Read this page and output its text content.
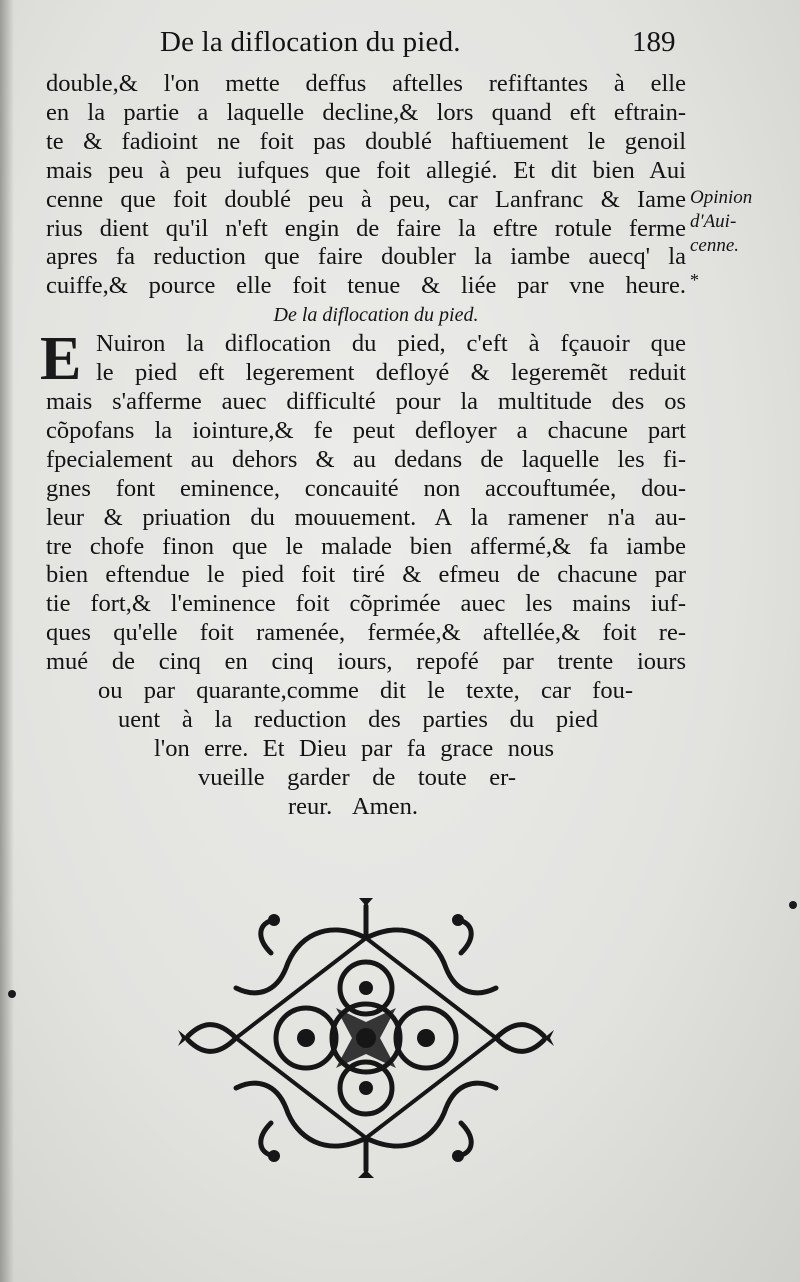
De la diflocation du pied.	189
double,& l'on mette deffus aftelles refiftantes à elle
en la partie a laquelle decline,& lors quand eft eftrain-
te & fadioint ne foit pas doublé haftiuement le genoil
mais peu à peu iufques que foit allegié. Et dit bien Aui
cenne que foit doublé peu à peu, car Lanfranc & Iame
rius dient qu'il n'eft engin de faire la eftre rotule ferme
apres fa reduction que faire doubler la iambe auecq' la
cuiffe,& pource elle foit tenue & liée par vne heure.
De la diflocation du pied.
E Nuiron la diflocation du pied, c'eft à fçauoir que
le pied eft legerement defloyé & legeremẽt reduit
mais s'afferme auec difficulté pour la multitude des os
cõpofans la iointure,& fe peut defloyer a chacune part
fpecialement au dehors & au dedans de laquelle les fi-
gnes font eminence, concauité non accouftumée, dou-
leur & priuation du mouuement. A la ramener n'a au-
tre chofe finon que le malade bien affermé,& fa iambe
bien eftendue le pied foit tiré & efmeu de chacune par
tie fort,& l'eminence foit cõprimée auec les mains iuf-
ques qu'elle foit ramenée, fermée,& aftellée,& foit re-
mué de cinq en cinq iours, repofé par trente iours
ou par quarante,comme dit le texte, car fou-
uent à la reduction des parties du pied
l'on erre. Et Dieu par fa grace nous
vueille garder de toute er-
reur. Amen.
Opinion
d'Aui-
cenne.
*
